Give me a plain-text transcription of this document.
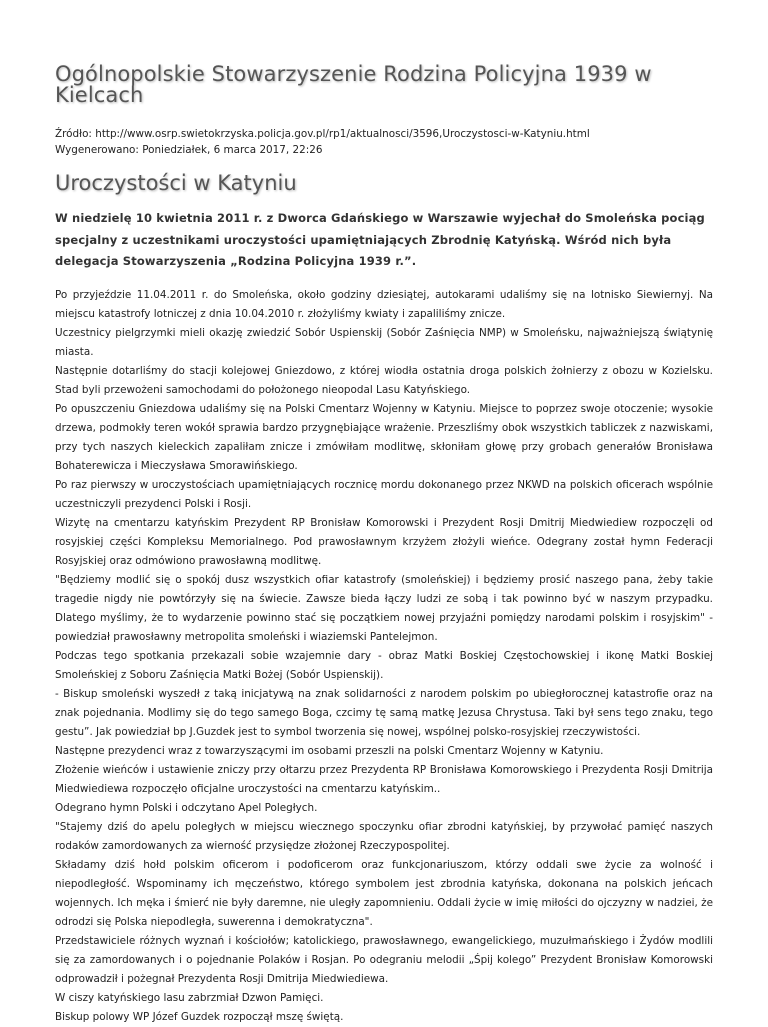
Ogólnopolskie Stowarzyszenie Rodzina Policyjna 1939 w Kielcach
Źródło: http://www.osrp.swietokrzyska.policja.gov.pl/rp1/aktualnosci/3596,Uroczystosci-w-Katyniu.html
Wygenerowano: Poniedziałek, 6 marca 2017, 22:26
Uroczystości w Katyniu
W niedzielę 10 kwietnia 2011 r. z Dworca Gdańskiego w Warszawie wyjechał do Smoleńska pociąg specjalny z uczestnikami uroczystości upamiętniających Zbrodnię Katyńską. Wśród nich była delegacja Stowarzyszenia „Rodzina Policyjna 1939 r.”.

Po przyjeździe 11.04.2011 r. do Smoleńska, około godziny dziesiątej, autokarami udaliśmy się na lotnisko Siewiernyj. Na miejscu katastrofy lotniczej z dnia 10.04.2010 r. złożyliśmy kwiaty i zapaliliśmy znicze.

Uczestnicy pielgrzymki mieli okazję zwiedzić Sobór Uspienskij (Sobór Zaśnięcia NMP) w Smoleńsku, najważniejszą świątynię miasta.

Następnie dotarliśmy do stacji kolejowej Gniezdowo, z której wiodła ostatnia droga polskich żołnierzy z obozu w Kozielsku. Stad byli przewożeni samochodami do położonego nieopodal Lasu Katyńskiego.

Po opuszczeniu Gniezdowa udaliśmy się na Polski Cmentarz Wojenny w Katyniu. Miejsce to poprzez swoje otoczenie; wysokie drzewa, podmokły teren wokół sprawia bardzo przygnębiające wrażenie. Przeszliśmy obok wszystkich tabliczek z nazwiskami, przy tych naszych kieleckich zapaliłam znicze i zmówiłam modlitwę, skłoniłam głowę przy grobach generałów Bronisława Bohaterewicza i Mieczysława Smorawińskiego.

Po raz pierwszy w uroczystościach upamiętniających rocznicę mordu dokonanego przez NKWD na polskich oficerach wspólnie uczestniczyli prezydenci Polski i Rosji.

Wizytę na cmentarzu katyńskim Prezydent RP Bronisław Komorowski i Prezydent Rosji Dmitrij Miedwiediew rozpoczęli od rosyjskiej części Kompleksu Memorialnego. Pod prawosławnym krzyżem złożyli wieńce. Odegrany został hymn Federacji Rosyjskiej oraz odmówiono prawosławną modlitwę.

"Będziemy modlić się o spokój dusz wszystkich ofiar katastrofy (smoleńskiej) i będziemy prosić naszego pana, żeby takie tragedie nigdy nie powtórzyły się na świecie. Zawsze bieda łączy ludzi ze sobą i tak powinno być w naszym przypadku. Dlatego myślimy, że to wydarzenie powinno stać się początkiem nowej przyjaźni pomiędzy narodami polskim i rosyjskim" - powiedział prawosławny metropolita smoleński i wiaziemski Pantelejmon.

Podczas tego spotkania przekazali sobie wzajemnie dary - obraz Matki Boskiej Częstochowskiej i ikonę Matki Boskiej Smoleńskiej z Soboru Zaśnięcia Matki Bożej (Sobór Uspienskij).

- Biskup smoleński wyszedł z taką inicjatywą na znak solidarności z narodem polskim po ubiegłorocznej katastrofie oraz na znak pojednania. Modlimy się do tego samego Boga, czcimy tę samą matkę Jezusa Chrystusa. Taki był sens tego znaku, tego gestu”. Jak powiedział bp J.Guzdek jest to symbol tworzenia się nowej, wspólnej polsko-rosyjskiej rzeczywistości.

Następne prezydenci wraz z towarzyszącymi im osobami przeszli na polski Cmentarz Wojenny w Katyniu.

Złożenie wieńców i ustawienie zniczy przy ołtarzu przez Prezydenta RP Bronisława Komorowskiego i Prezydenta Rosji Dmitrija Miedwiediewa rozpoczęło oficjalne uroczystości na cmentarzu katyńskim..

Odegrano hymn Polski i odczytano Apel Poległych.

"Stajemy dziś do apelu poległych w miejscu wiecznego spoczynku ofiar zbrodni katyńskiej, by przywołać pamięć naszych rodaków zamordowanych za wierność przysiędze złożonej Rzeczypospolitej.

Składamy dziś hołd polskim oficerom i podoficerom oraz funkcjonariuszom, którzy oddali swe życie za wolność i niepodległość. Wspominamy ich męczeństwo, którego symbolem jest zbrodnia katyńska, dokonana na polskich jeńcach wojennych. Ich męka i śmierć nie były daremne, nie uległy zapomnieniu. Oddali życie w imię miłości do ojczyzny w nadziei, że odrodzi się Polska niepodległa, suwerenna i demokratyczna".

Przedstawiciele różnych wyznań i kościołów; katolickiego, prawosławnego, ewangelickiego, muzułmańskiego i Żydów modlili się za zamordowanych i o pojednanie Polaków i Rosjan. Po odegraniu melodii „Śpij kolego” Prezydent Bronisław Komorowski odprowadził i pożegnał Prezydenta Rosji Dmitrija Miedwiediewa.

W ciszy katyńskiego lasu zabrzmiał Dzwon Pamięci.

Biskup polowy WP Józef Guzdek rozpoczął mszę świętą.
